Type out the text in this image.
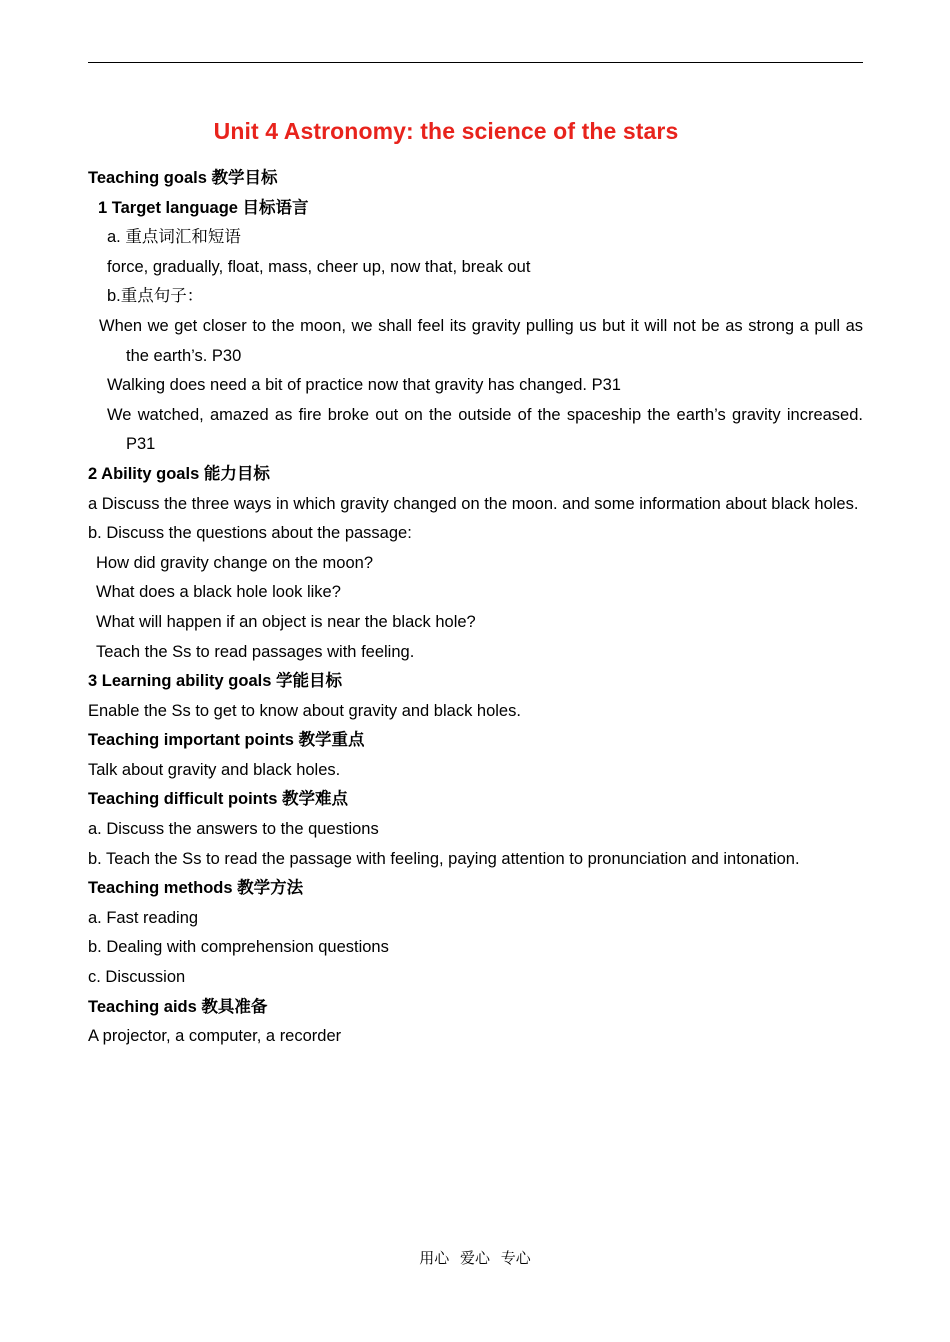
Unit 4 Astronomy: the science of the stars
Teaching goals 教学目标
1 Target language 目标语言
a. 重点词汇和短语
force, gradually, float, mass, cheer up, now that, break out
b.重点句子：
When we get closer to the moon, we shall feel its gravity pulling us but it will not be as strong a pull as the earth’s. P30
Walking does need a bit of practice now that gravity has changed. P31
We watched, amazed as fire broke out on the outside of the spaceship the earth’s gravity increased. P31
2 Ability goals 能力目标
a Discuss the three ways in which gravity changed on the moon. and some information about black holes.
b. Discuss the questions about the passage:
How did gravity change on the moon?
What does a black hole look like?
What will happen if an object is near the black hole?
Teach the Ss to read passages with feeling.
3 Learning ability goals 学能目标
Enable the Ss to get to know about gravity and black holes.
Teaching important points 教学重点
Talk about gravity and black holes.
Teaching difficult points 教学难点
a. Discuss the answers to the questions
b. Teach the Ss to read the passage with feeling, paying attention to pronunciation and intonation.
Teaching methods 教学方法
a. Fast reading
b. Dealing with comprehension questions
c. Discussion
Teaching aids 教具准备
A projector, a computer, a recorder
用心 爱心 专心
